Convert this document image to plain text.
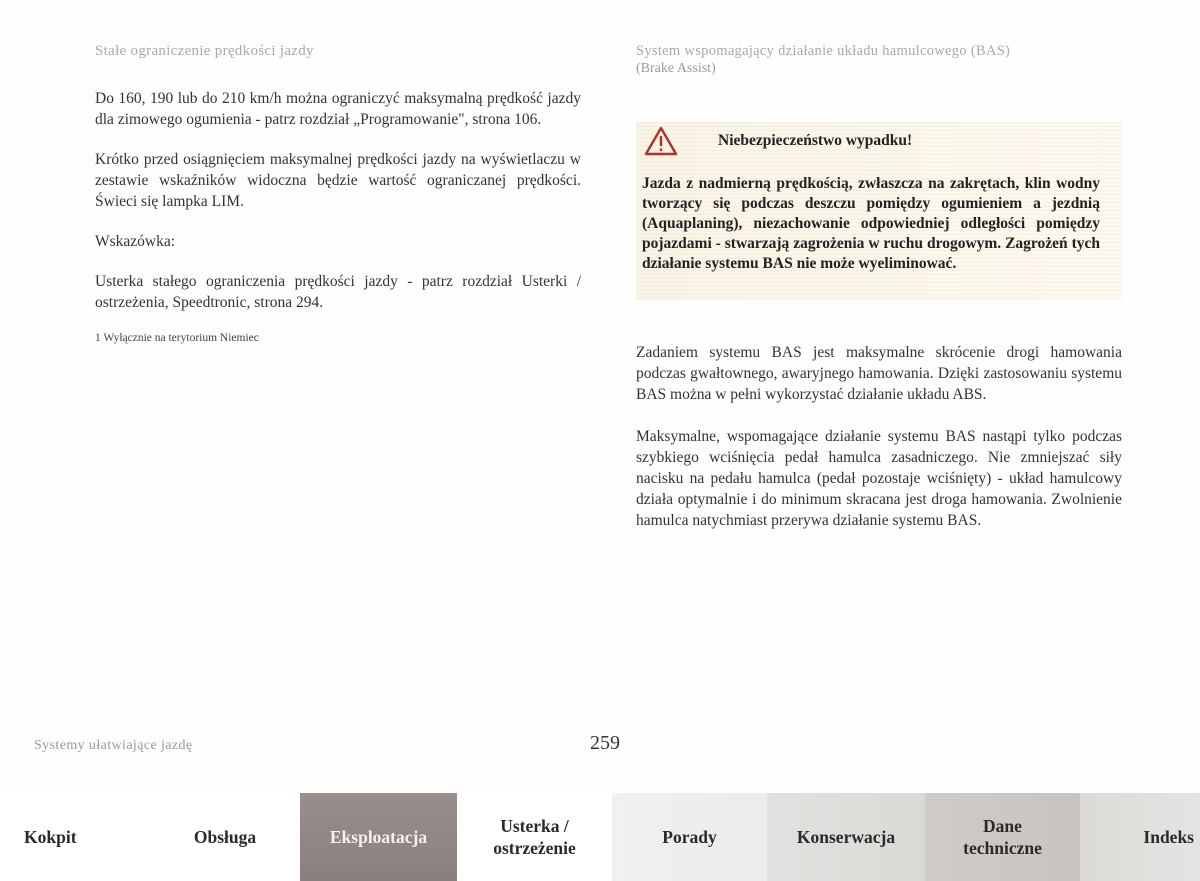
Stałe ograniczenie prędkości jazdy

Do 160, 190 lub do 210 km/h można ograniczyć maksymalną prędkość jazdy dla zimowego ogumienia - patrz rozdział „Programowanie", strona 106.

Krótko przed osiągnięciem maksymalnej prędkości jazdy na wyświetlaczu w zestawie wskaźników widoczna będzie wartość ograniczanej prędkości. Świeci się lampka LIM.

Wskazówka:

Usterka stałego ograniczenia prędkości jazdy - patrz rozdział Usterki / ostrzeżenia, Speedtronic, strona 294.

1 Wyłącznie na terytorium Niemiec

System wspomagający działanie układu hamulcowego (BAS)

(Brake Assist)

Niebezpieczeństwo wypadku!

Jazda z nadmierną prędkością, zwłaszcza na zakrętach, klin wodny tworzący się podczas deszczu pomiędzy ogumieniem a jezdnią (Aquaplaning), niezachowanie odpowiedniej odległości pomiędzy pojazdami - stwarzają zagrożenia w ruchu drogowym. Zagrożeń tych działanie systemu BAS nie może wyeliminować.

Zadaniem systemu BAS jest maksymalne skrócenie drogi hamowania podczas gwałtownego, awaryjnego hamowania. Dzięki zastosowaniu systemu BAS można w pełni wykorzystać działanie układu ABS.

Maksymalne, wspomagające działanie systemu BAS nastąpi tylko podczas szybkiego wciśnięcia pedał hamulca zasadniczego. Nie zmniejszać siły nacisku na pedału hamulca (pedał pozostaje wciśnięty) - układ hamulcowy działa optymalnie i do minimum skracana jest droga hamowania. Zwolnienie hamulca natychmiast przerywa działanie systemu BAS.

Systemy ułatwiające jazdę	259
Kokpit	Obsługa	Eksploatacja
Usterka / ostrzeżenie
Porady	Konserwacja
Dane techniczne
Indeks
